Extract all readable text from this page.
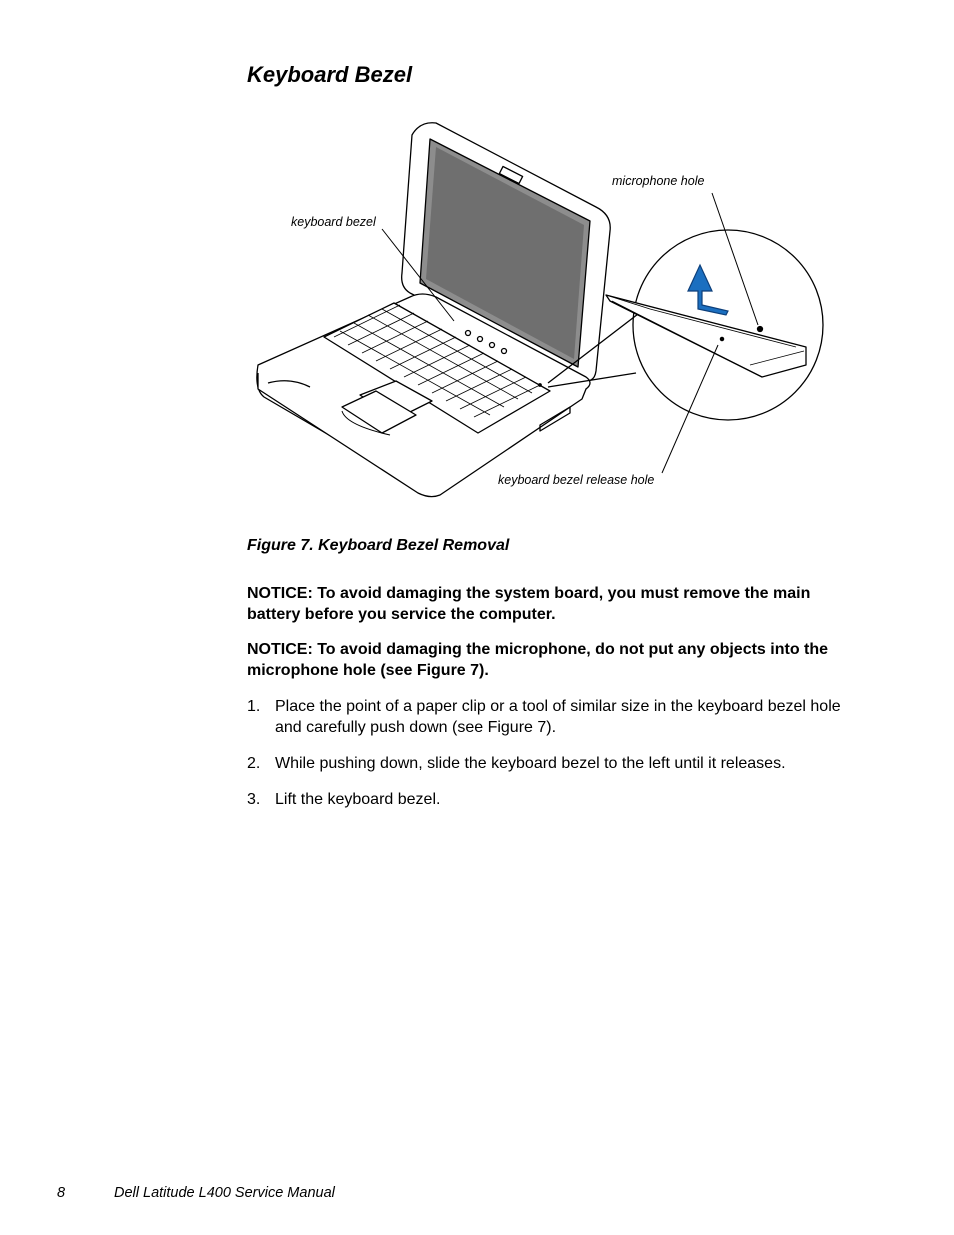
Keyboard Bezel
microphone hole
keyboard bezel
keyboard bezel release hole
Figure 7. Keyboard Bezel Removal

NOTICE: To avoid damaging the system board, you must remove the main battery before you service the computer.

NOTICE: To avoid damaging the microphone, do not put any objects into the microphone hole (see Figure 7).

1. Place the point of a paper clip or a tool of similar size in the keyboard bezel hole and carefully push down (see Figure 7).
2. While pushing down, slide the keyboard bezel to the left until it releases.
3. Lift the keyboard bezel.
8	Dell Latitude L400 Service Manual
